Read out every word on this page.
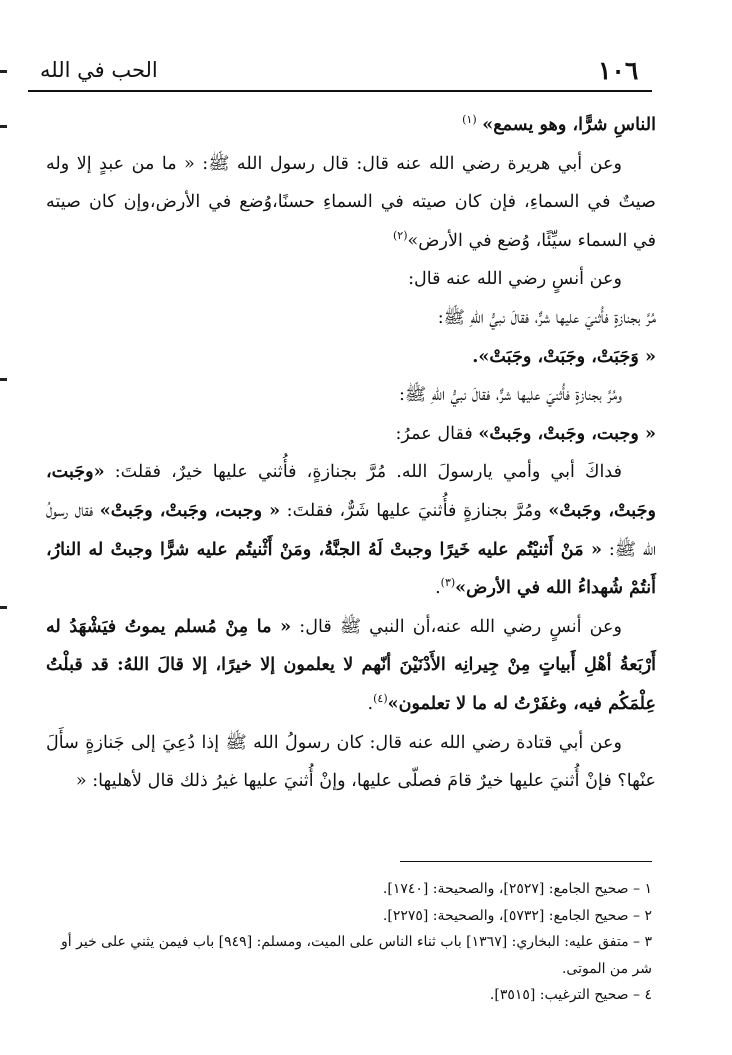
١٠٦
الحب في الله

الناسِ شرًّا، وهو يسمع» $^{(١)}$

وعن أبي هريرة رضي الله عنه قال: قال رسول الله ﷺ: « ما من عبدٍ إلا وله صيتٌ في السماءِ، فإن كان صيته في السماءِ حسنًا،وُضع في الأرض،وإن كان صيته في السماء سيِّئًا، وُضع في الأرض»$^{(٢)}$

وعن أنسٍ رضي الله عنه قال:

مُرَّ بجنازةٍ فأُثنيَ عليها شرٌّ، فقالَ نبيُّ اللهِ ﷺ:

« وَجَبَتْ، وجَبَتْ، وجَبَتْ».

ومُرَّ بجنازةٍ فأُثنيَ عليها شرٌّ، فقالَ نبيُّ اللهِ ﷺ:

« وجبت، وجَبتْ، وجَبتْ» فقال عمرُ:

فداكَ أبي وأمي يارسولَ الله. مُرَّ بجنازةٍ، فأُثني عليها خيرٌ، فقلتَ: «وجَبت، وجَبتْ، وجَبتْ» ومُرَّ بجنازةٍ فأُثنيَ عليها شَرٌّ، فقلتَ: « وجبت، وجَبتْ، وجَبتْ» فقال رسولُ الله ﷺ: « مَنْ أَثنيْتُم عليه خَيرًا وجبتْ لَهُ الجنَّةُ، ومَنْ أَثْنيتُم عليه شرًّا وجبتْ له النارُ، أَنتُمْ شُهداءُ الله في الأرض»$^{(٣)}$.

وعن أنسٍ رضي الله عنه،أن النبي ﷺ قال: « ما مِنْ مُسلم يموتُ فيَشْهَدُ له أَرْبَعةُ أهْلِ أَبياتٍ مِنْ جِيرانِه الأَدْنَيْنَ أنّهم لا يعلمون إلا خيرًا، إلا قالَ اللهُ: قد قبلْتُ عِلْمَكُم فيه، وغفَرْتُ له ما لا تعلمون»$^{(٤)}$.

وعن أبي قتادة رضي الله عنه قال: كان رسولُ الله ﷺ إذا دُعِيَ إلى جَنازةٍ سأَلَ عنْها؟ فإنْ أُثنيَ عليها خيرٌ قامَ فصلّى عليها، وإنْ أُثنيَ عليها غيرُ ذلك قال لأهليها: «

١ – صحيح الجامع: [٢٥٢٧]، والصحيحة: [١٧٤٠].

٢ – صحيح الجامع: [٥٧٣٢]، والصحيحة: [٢٢٧٥].

٣ – متفق عليه: البخاري: [١٣٦٧] باب ثناء الناس على الميت، ومسلم: [٩٤٩] باب فيمن يثني على خير أو شر من الموتى.

٤ – صحيح الترغيب: [٣٥١٥].
